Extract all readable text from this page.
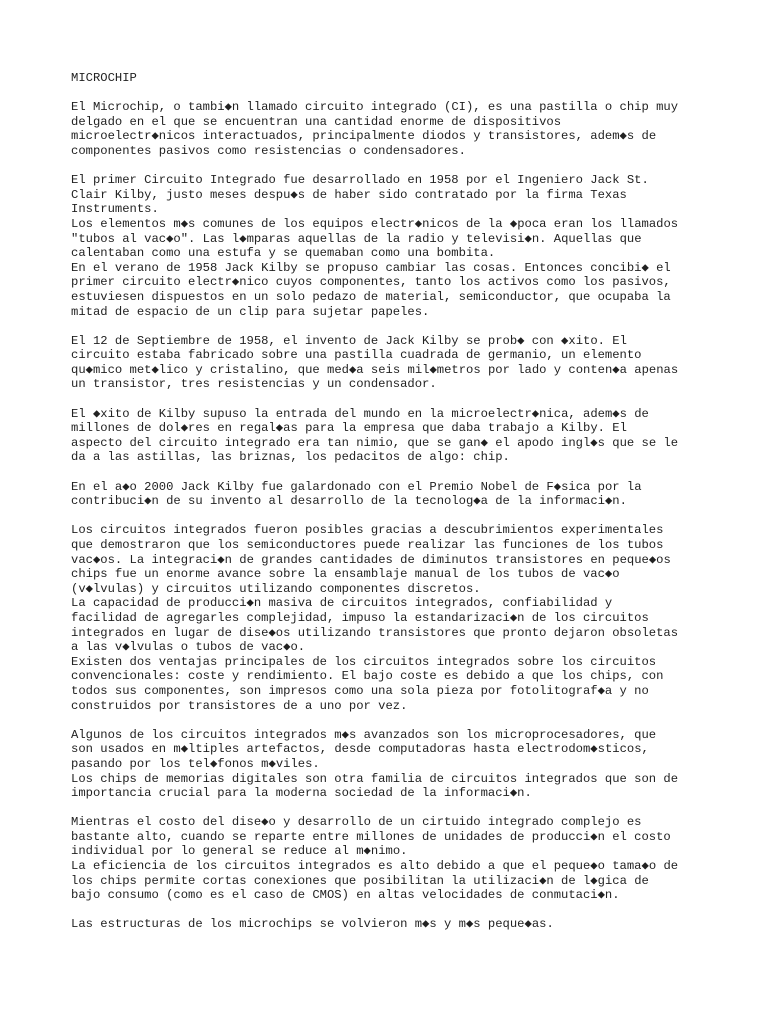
MICROCHIP
El Microchip, o tambi◆n llamado circuito integrado (CI), es una pastilla o chip muy
delgado en el que se encuentran una cantidad enorme de dispositivos
microelectr◆nicos interactuados, principalmente diodos y transistores, adem◆s de
componentes pasivos como resistencias o condensadores.
El primer Circuito Integrado fue desarrollado en 1958 por el Ingeniero Jack St.
Clair Kilby, justo meses despu◆s de haber sido contratado por la firma Texas
Instruments.
Los elementos m◆s comunes de los equipos electr◆nicos de la ◆poca eran los llamados
"tubos al vac◆o". Las l◆mparas aquellas de la radio y televisi◆n. Aquellas que
calentaban como una estufa y se quemaban como una bombita.
En el verano de 1958 Jack Kilby se propuso cambiar las cosas. Entonces concibi◆ el
primer circuito electr◆nico cuyos componentes, tanto los activos como los pasivos,
estuviesen dispuestos en un solo pedazo de material, semiconductor, que ocupaba la
mitad de espacio de un clip para sujetar papeles.
El 12 de Septiembre de 1958, el invento de Jack Kilby se prob◆ con ◆xito. El
circuito estaba fabricado sobre una pastilla cuadrada de germanio, un elemento
qu◆mico met◆lico y cristalino, que med◆a seis mil◆metros por lado y conten◆a apenas
un transistor, tres resistencias y un condensador.
El ◆xito de Kilby supuso la entrada del mundo en la microelectr◆nica, adem◆s de
millones de dol◆res en regal◆as para la empresa que daba trabajo a Kilby. El
aspecto del circuito integrado era tan nimio, que se gan◆ el apodo ingl◆s que se le
da a las astillas, las briznas, los pedacitos de algo: chip.
En el a◆o 2000 Jack Kilby fue galardonado con el Premio Nobel de F◆sica por la
contribuci◆n de su invento al desarrollo de la tecnolog◆a de la informaci◆n.
Los circuitos integrados fueron posibles gracias a descubrimientos experimentales
que demostraron que los semiconductores puede realizar las funciones de los tubos
vac◆os. La integraci◆n de grandes cantidades de diminutos transistores en peque◆os
chips fue un enorme avance sobre la ensamblaje manual de los tubos de vac◆o
(v◆lvulas) y circuitos utilizando componentes discretos.
La capacidad de producci◆n masiva de circuitos integrados, confiabilidad y
facilidad de agregarles complejidad, impuso la estandarizaci◆n de los circuitos
integrados en lugar de dise◆os utilizando transistores que pronto dejaron obsoletas
a las v◆lvulas o tubos de vac◆o.
Existen dos ventajas principales de los circuitos integrados sobre los circuitos
convencionales: coste y rendimiento. El bajo coste es debido a que los chips, con
todos sus componentes, son impresos como una sola pieza por fotolitograf◆a y no
construidos por transistores de a uno por vez.
Algunos de los circuitos integrados m◆s avanzados son los microprocesadores, que
son usados en m◆ltiples artefactos, desde computadoras hasta electrodom◆sticos,
pasando por los tel◆fonos m◆viles.
Los chips de memorias digitales son otra familia de circuitos integrados que son de
importancia crucial para la moderna sociedad de la informaci◆n.
Mientras el costo del dise◆o y desarrollo de un cirtuido integrado complejo es
bastante alto, cuando se reparte entre millones de unidades de producci◆n el costo
individual por lo general se reduce al m◆nimo.
La eficiencia de los circuitos integrados es alto debido a que el peque◆o tama◆o de
los chips permite cortas conexiones que posibilitan la utilizaci◆n de l◆gica de
bajo consumo (como es el caso de CMOS) en altas velocidades de conmutaci◆n.
Las estructuras de los microchips se volvieron m◆s y m◆s peque◆as.
